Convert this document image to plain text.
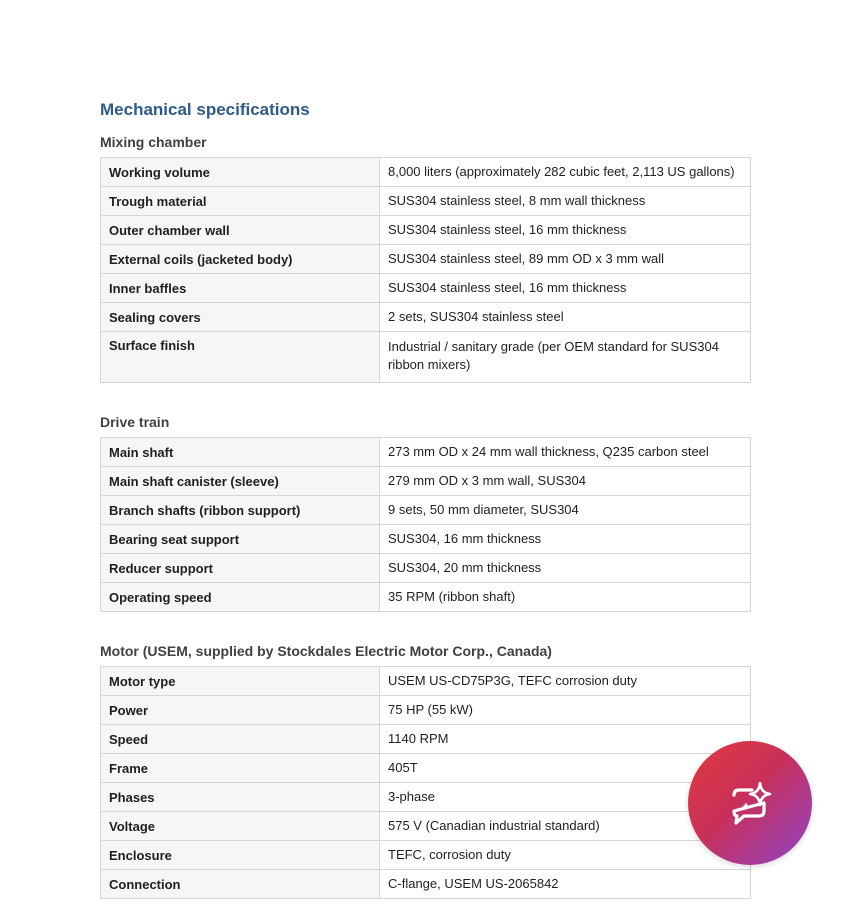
Mechanical specifications
Mixing chamber
Working volume	8,000 liters (approximately 282 cubic feet, 2,113 US gallons)
Trough material	SUS304 stainless steel, 8 mm wall thickness
Outer chamber wall	SUS304 stainless steel, 16 mm thickness
External coils (jacketed body)	SUS304 stainless steel, 89 mm OD x 3 mm wall
Inner baffles	SUS304 stainless steel, 16 mm thickness
Sealing covers	2 sets, SUS304 stainless steel
Surface finish	Industrial / sanitary grade (per OEM standard for SUS304 ribbon mixers)
Drive train
Main shaft	273 mm OD x 24 mm wall thickness, Q235 carbon steel
Main shaft canister (sleeve)	279 mm OD x 3 mm wall, SUS304
Branch shafts (ribbon support)	9 sets, 50 mm diameter, SUS304
Bearing seat support	SUS304, 16 mm thickness
Reducer support	SUS304, 20 mm thickness
Operating speed	35 RPM (ribbon shaft)
Motor (USEM, supplied by Stockdales Electric Motor Corp., Canada)
Motor type	USEM US-CD75P3G, TEFC corrosion duty
Power	75 HP (55 kW)
Speed	1140 RPM
Frame	405T
Phases	3-phase
Voltage	575 V (Canadian industrial standard)
Enclosure	TEFC, corrosion duty
Connection	C-flange, USEM US-2065842
